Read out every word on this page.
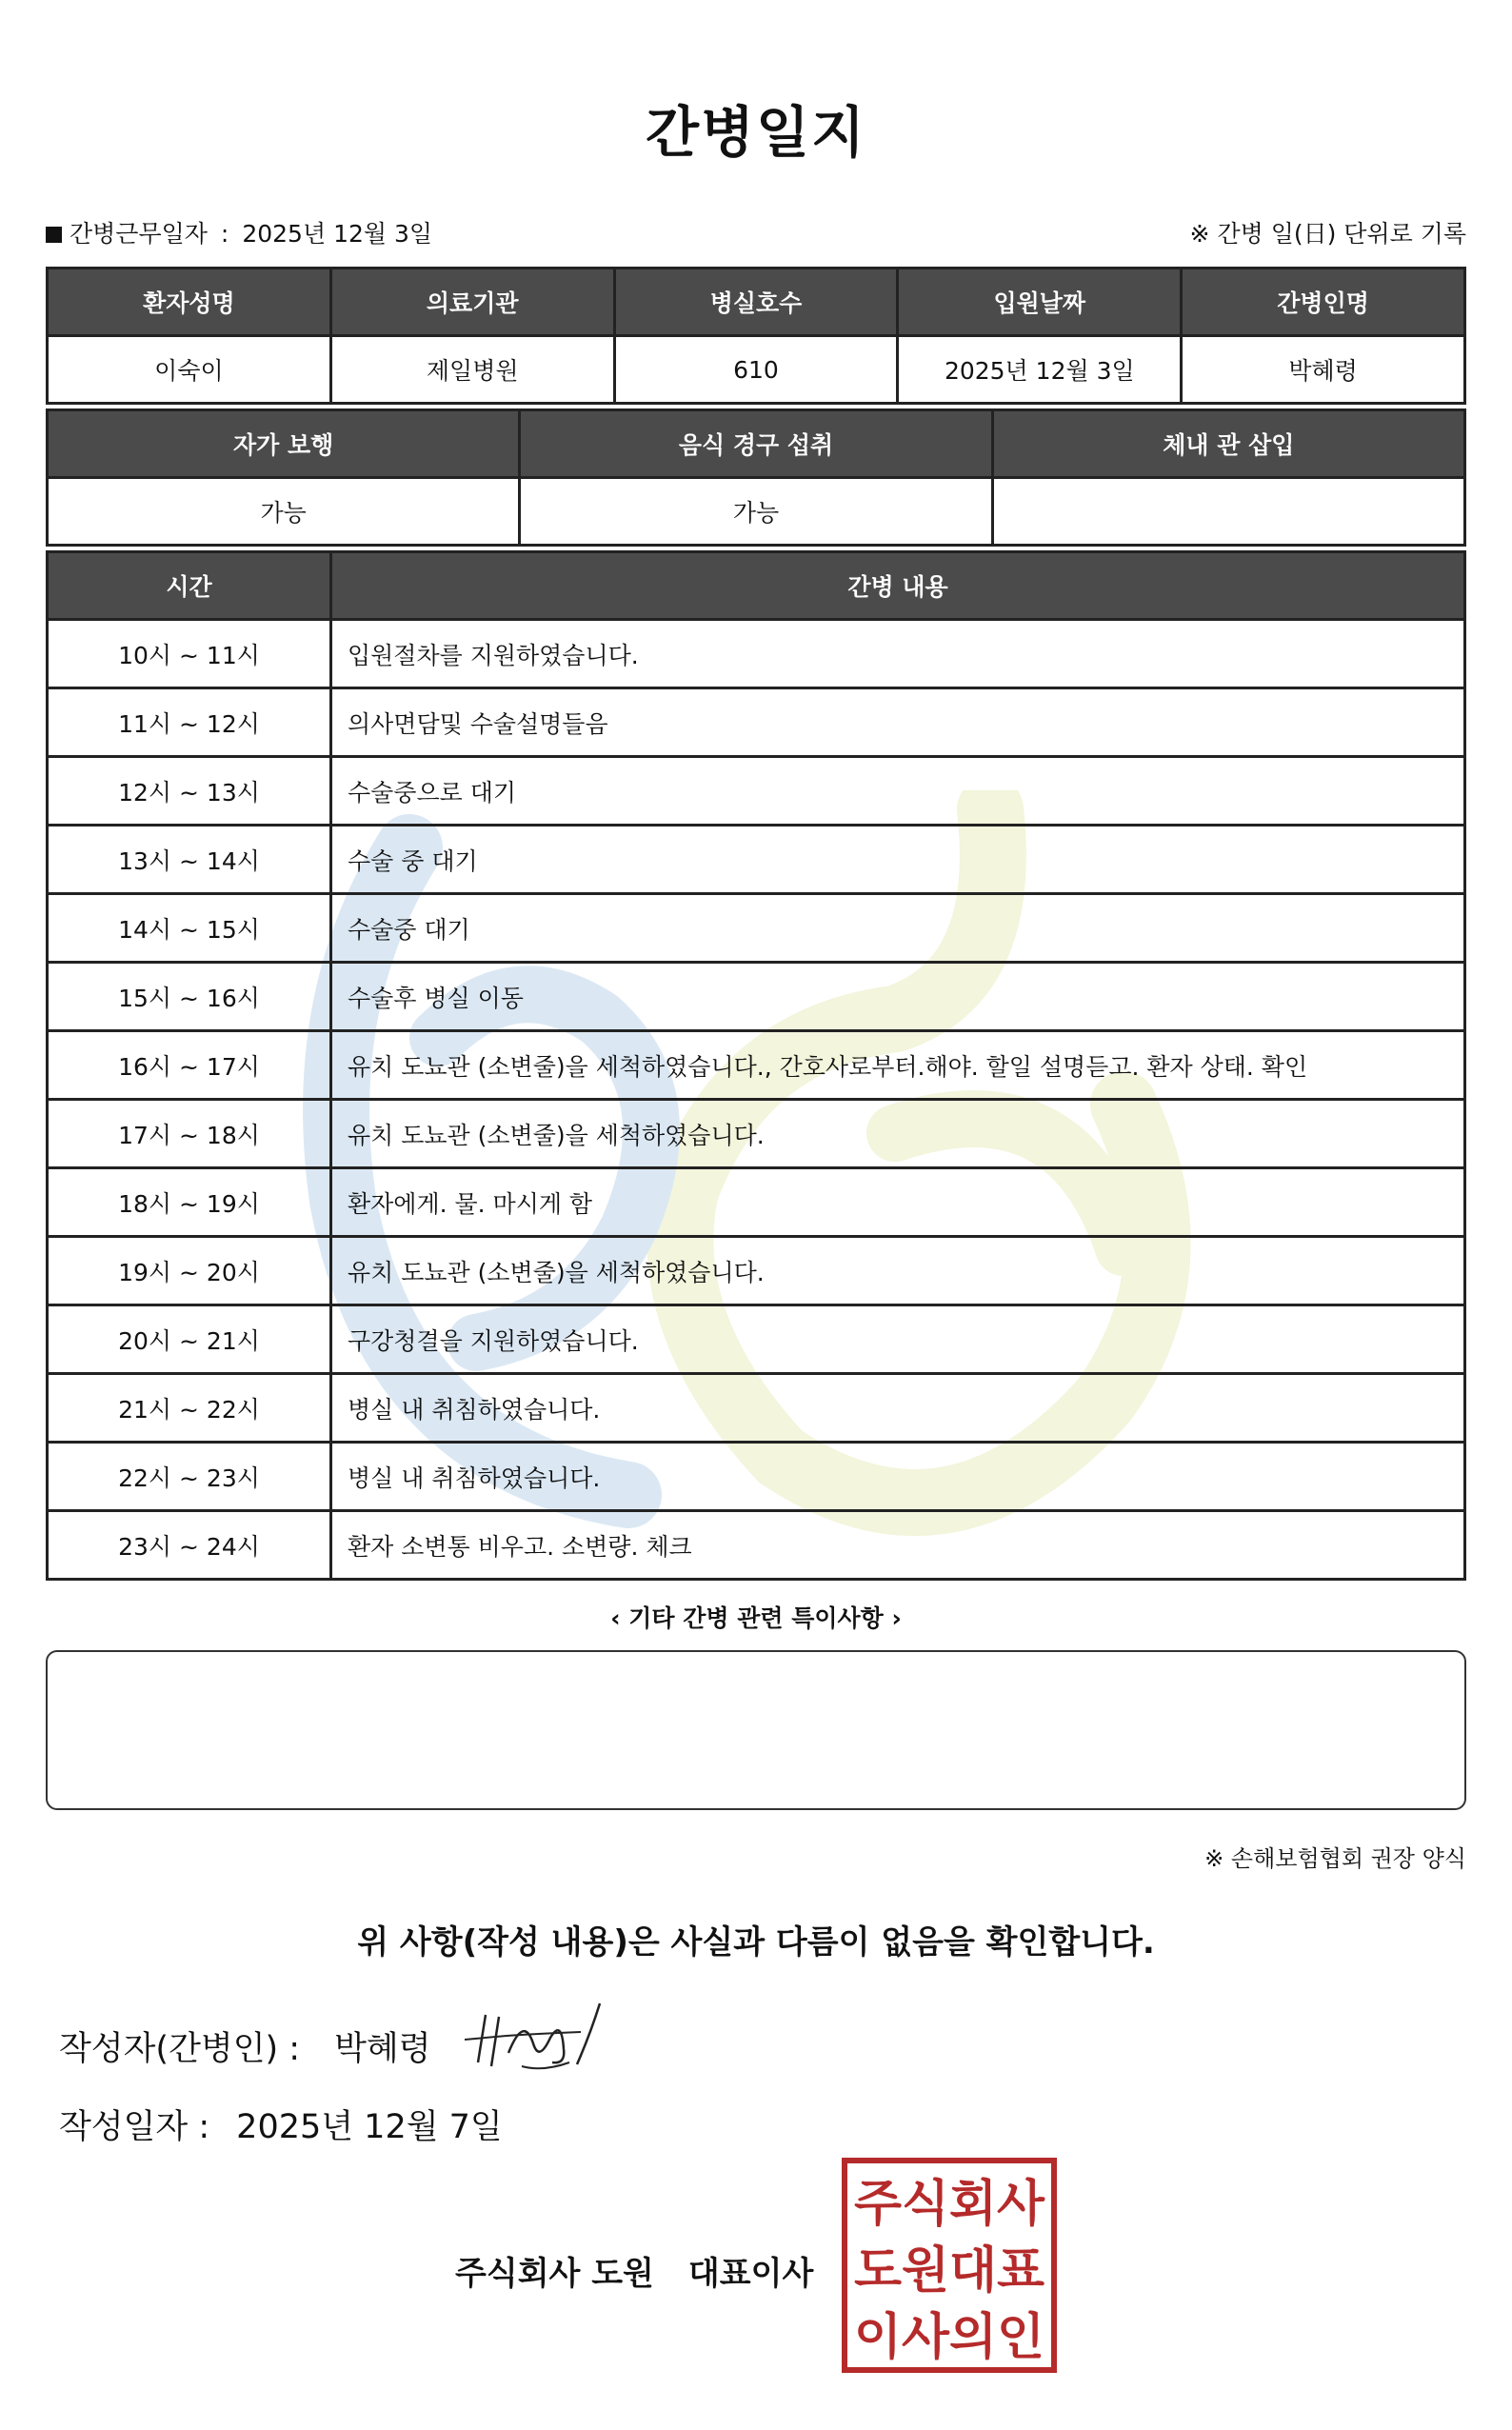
간병일지
간병근무일자 : 2025년 12월 3일	※ 간병 일(日) 단위로 기록
환자성명	의료기관	병실호수	입원날짜	간병인명
이숙이	제일병원	610	2025년 12월 3일	박혜령
자가 보행	음식 경구 섭취	체내 관 삽입
가능	가능	
시간	간병 내용
10시 ~ 11시	입원절차를 지원하였습니다.
11시 ~ 12시	의사면담및 수술설명들음
12시 ~ 13시	수술중으로 대기
13시 ~ 14시	수술 중 대기
14시 ~ 15시	수술중 대기
15시 ~ 16시	수술후 병실 이동
16시 ~ 17시	유치 도뇨관 (소변줄)을 세척하였습니다., 간호사로부터.해야. 할일 설명듣고. 환자 상태. 확인
17시 ~ 18시	유치 도뇨관 (소변줄)을 세척하였습니다.
18시 ~ 19시	환자에게. 물. 마시게 함
19시 ~ 20시	유치 도뇨관 (소변줄)을 세척하였습니다.
20시 ~ 21시	구강청결을 지원하였습니다.
21시 ~ 22시	병실 내 취침하였습니다.
22시 ~ 23시	병실 내 취침하였습니다.
23시 ~ 24시	환자 소변통 비우고. 소변량. 체크
‹ 기타 간병 관련 특이사항 ›
※ 손해보험협회 권장 양식
위 사항(작성 내용)은 사실과 다름이 없음을 확인합니다.
작성자(간병인) : 박혜령
작성일자 : 2025년 12월 7일
주식회사 도원 대표이사
주식회사
도원대표
이사의인
